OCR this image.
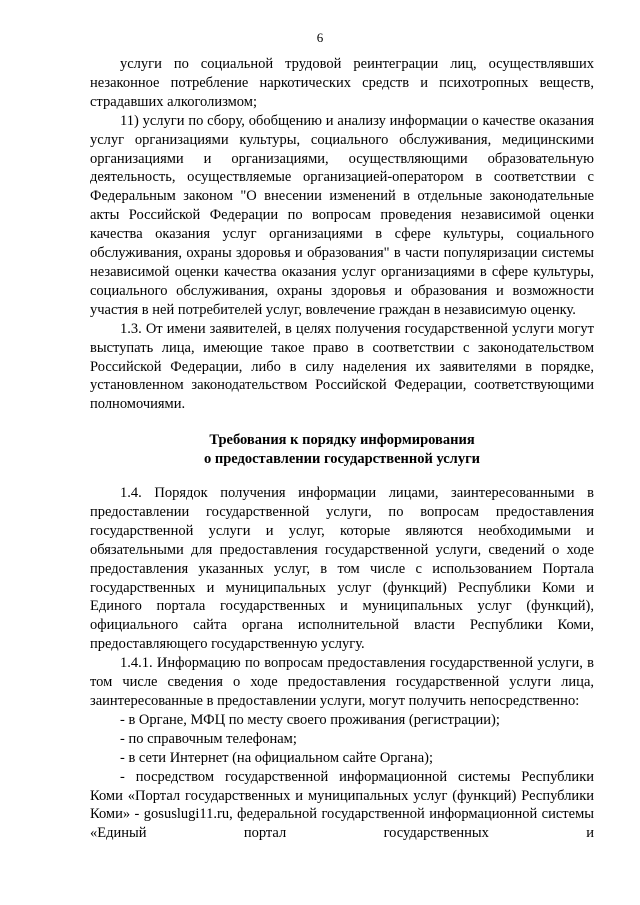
6

услуги по социальной трудовой реинтеграции лиц, осуществлявших незаконное потребление наркотических средств и психотропных веществ, страдавших алкоголизмом;

11) услуги по сбору, обобщению и анализу информации о качестве оказания услуг организациями культуры, социального обслуживания, медицинскими организациями и организациями, осуществляющими образовательную деятельность, осуществляемые организацией-оператором в соответствии с Федеральным законом "О внесении изменений в отдельные законодательные акты Российской Федерации по вопросам проведения независимой оценки качества оказания услуг организациями в сфере культуры, социального обслуживания, охраны здоровья и образования" в части популяризации системы независимой оценки качества оказания услуг организациями в сфере культуры, социального обслуживания, охраны здоровья и образования и возможности участия в ней потребителей услуг, вовлечение граждан в независимую оценку.

1.3. От имени заявителей, в целях получения государственной услуги могут выступать лица, имеющие такое право в соответствии с законодательством Российской Федерации, либо в силу наделения их заявителями в порядке, установленном законодательством Российской Федерации, соответствующими полномочиями.

Требования к порядку информирования
о предоставлении государственной услуги

1.4. Порядок получения информации лицами, заинтересованными в предоставлении государственной услуги, по вопросам предоставления государственной услуги и услуг, которые являются необходимыми и обязательными для предоставления государственной услуги, сведений о ходе предоставления указанных услуг, в том числе с использованием Портала государственных и муниципальных услуг (функций) Республики Коми и Единого портала государственных и муниципальных услуг (функций), официального сайта органа исполнительной власти Республики Коми, предоставляющего государственную услугу.

1.4.1. Информацию по вопросам предоставления государственной услуги, в том числе сведения о ходе предоставления государственной услуги лица, заинтересованные в предоставлении услуги, могут получить непосредственно:

- в Органе, МФЦ по месту своего проживания (регистрации);

- по справочным телефонам;

- в сети Интернет (на официальном сайте Органа);

- посредством государственной информационной системы Республики Коми «Портал государственных и муниципальных услуг (функций) Республики Коми» - gosuslugi11.ru, федеральной государственной информационной системы «Единый портал государственных и
